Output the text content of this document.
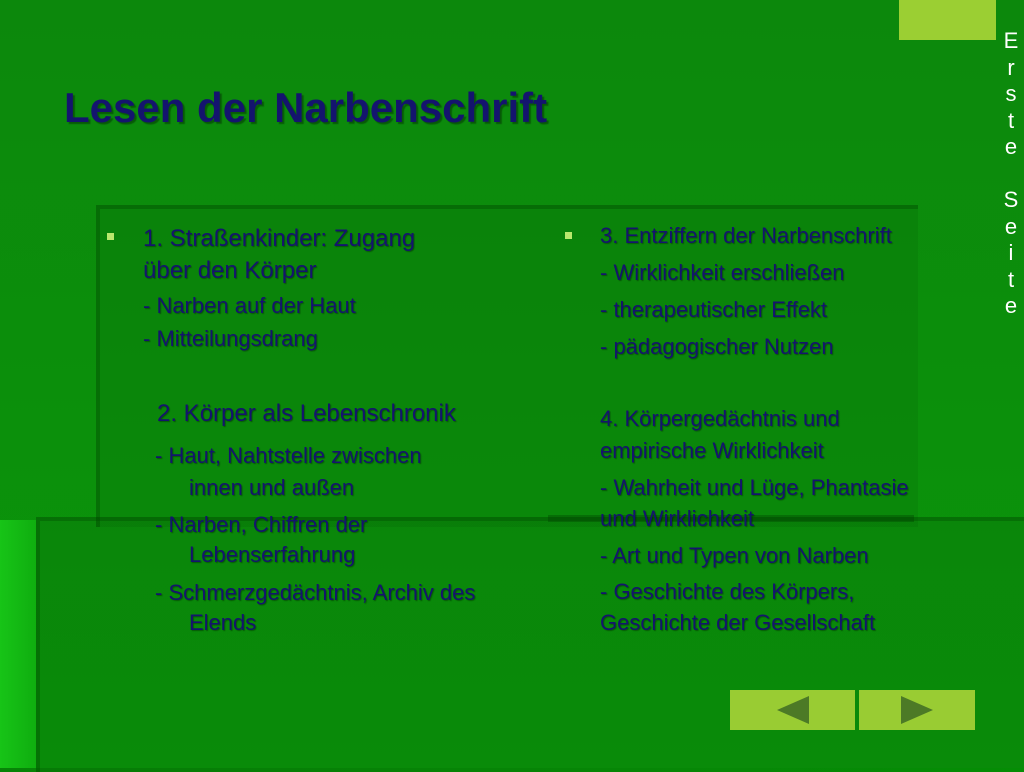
E
r
s
t
e

S
e
i
t
e
Lesen der Narbenschrift

1. Straßenkinder: Zugang

über den Körper

- Narben auf der Haut

- Mitteilungsdrang

2. Körper als Lebenschronik

- Haut, Nahtstelle zwischen

innen und außen

- Narben, Chiffren der

Lebenserfahrung

- Schmerzgedächtnis, Archiv des

Elends

3. Entziffern der Narbenschrift

- Wirklichkeit erschließen

- therapeutischer Effekt

- pädagogischer Nutzen

4. Körpergedächtnis und

empirische Wirklichkeit

- Wahrheit und Lüge, Phantasie

und Wirklichkeit

- Art und Typen von Narben

- Geschichte des Körpers,

Geschichte der Gesellschaft
